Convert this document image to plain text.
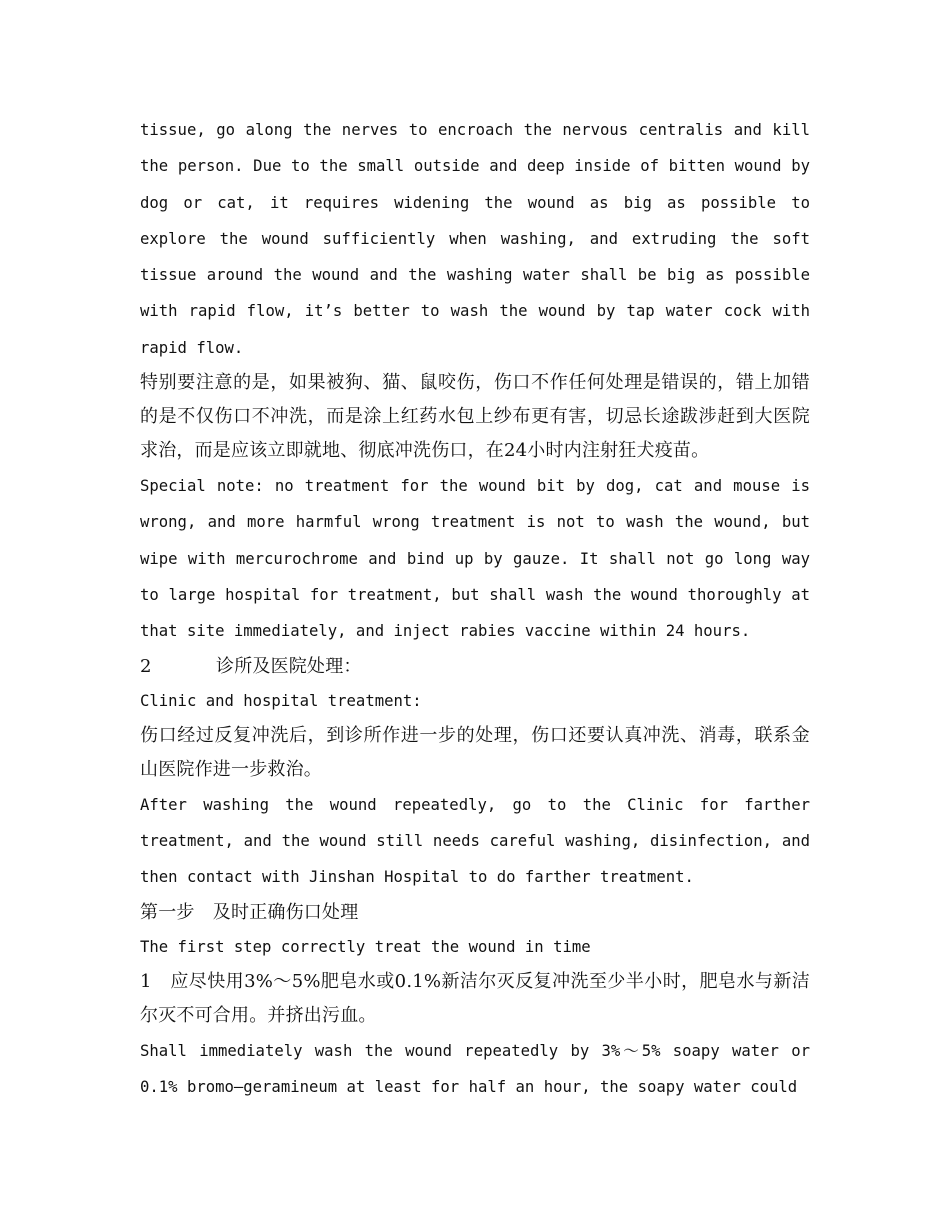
tissue, go along the nerves to encroach the nervous centralis and kill the person. Due to the small outside and deep inside of bitten wound by dog or cat, it requires widening the wound as big as possible to explore the wound sufficiently when washing, and extruding the soft tissue around the wound and the washing water shall be big as possible with rapid flow, it’s better to wash the wound by tap water cock with rapid flow.

特别要注意的是，如果被狗、猫、鼠咬伤，伤口不作任何处理是错误的，错上加错的是不仅伤口不冲洗，而是涂上红药水包上纱布更有害，切忌长途跋涉赶到大医院求治，而是应该立即就地、彻底冲洗伤口，在24小时内注射狂犬疫苗。

Special note: no treatment for the wound bit by dog, cat and mouse is wrong, and more harmful wrong treatment is not to wash the wound, but wipe with mercurochrome and bind up by gauze. It shall not go long way to large hospital for treatment, but shall wash the wound thoroughly at that site immediately, and inject rabies vaccine within 24 hours.

2	诊所及医院处理：

Clinic and hospital treatment:

伤口经过反复冲洗后，到诊所作进一步的处理，伤口还要认真冲洗、消毒，联系金山医院作进一步救治。

After washing the wound repeatedly, go to the Clinic for farther treatment, and the wound still needs careful washing, disinfection, and then contact with Jinshan Hospital to do farther treatment.

第一步　及时正确伤口处理

The first step correctly treat the wound in time

1　应尽快用3%～5%肥皂水或0.1%新洁尔灭反复冲洗至少半小时，肥皂水与新洁尔灭不可合用。并挤出污血。

Shall immediately wash the wound repeatedly by 3%～5% soapy water or 0.1% bromo—geramineum at least for half an hour, the soapy water could
